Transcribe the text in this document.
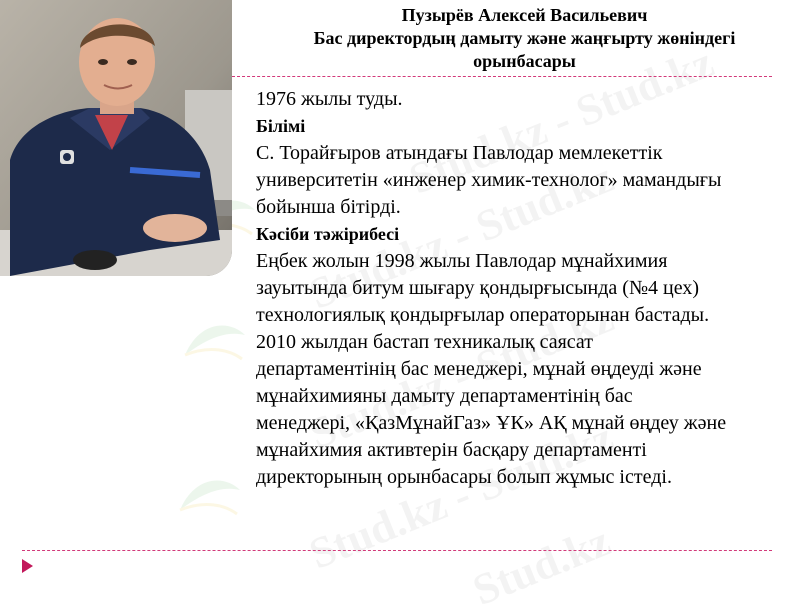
Пузырёв Алексей Васильевич
Бас директордың дамыту және жаңғырту жөніндегі
орынбасары

1976 жылы туды.

Білімі

С. Торайғыров атындағы Павлодар мемлекеттік

университетін «инженер химик-технолог» мамандығы

бойынша бітірді.

Кәсіби тәжірибесі

Еңбек жолын 1998 жылы Павлодар мұнайхимия

зауытында битум шығару қондырғысында (№4 цех)

технологиялық қондырғылар операторынан бастады.

2010 жылдан бастап техникалық саясат

департаментінің бас менеджері, мұнай өңдеуді және

мұнайхимияны дамыту департаментінің бас

менеджері, «ҚазМұнайГаз» ҰК» АҚ мұнай өңдеу және

мұнайхимия активтерін басқару департаменті

директорының орынбасары болып жұмыс істеді.
